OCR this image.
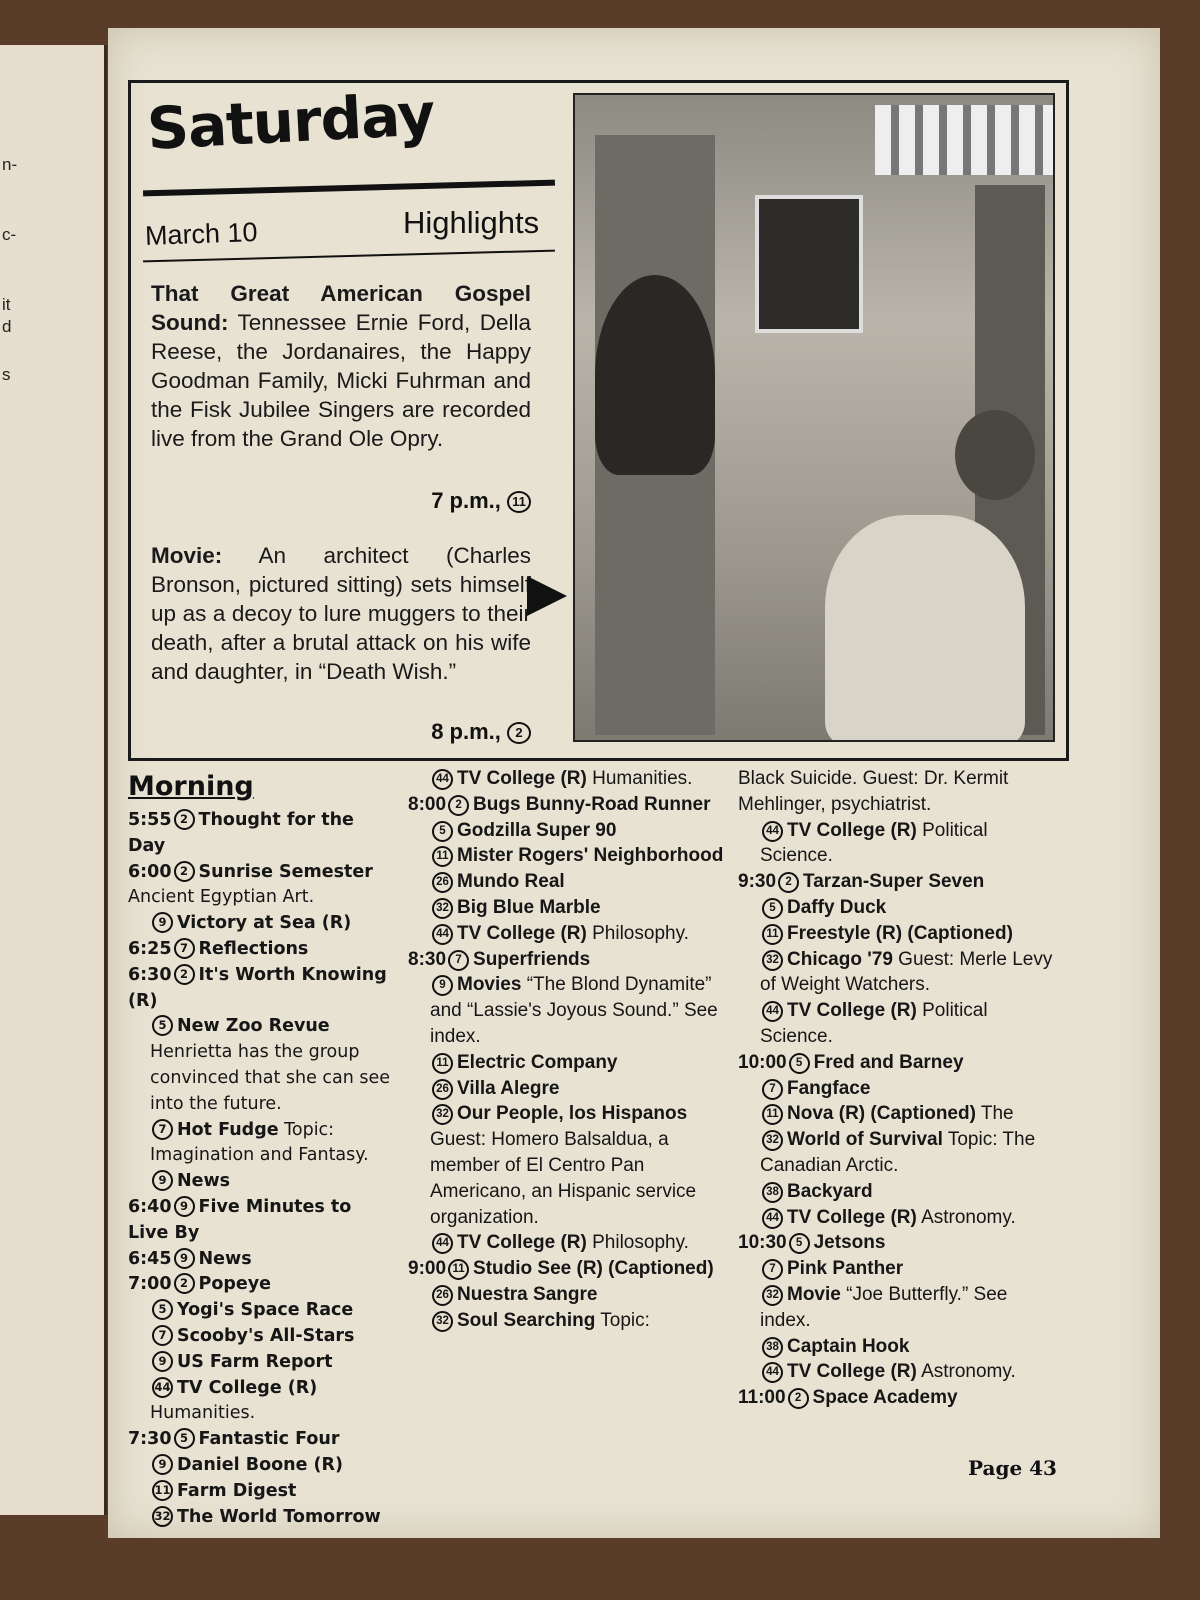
n-
c-
it
d
s
Saturday
March 10	Highlights
That Great American Gospel Sound: Tennessee Ernie Ford, Della Reese, the Jordanaires, the Happy Goodman Family, Micki Fuhrman and the Fisk Jubilee Singers are recorded live from the Grand Ole Opry.
7 p.m., 11
Movie: An architect (Charles Bronson, pictured sitting) sets himself up as a decoy to lure muggers to their death, after a brutal attack on his wife and daughter, in “Death Wish.”
8 p.m., 2
Morning

5:55 2 Thought for the Day

6:00 2 Sunrise Semester Ancient Egyptian Art.

9 Victory at Sea (R)

6:25 7 Reflections

6:30 2 It's Worth Knowing (R)

5 New Zoo Revue Henrietta has the group convinced that she can see into the future.

7 Hot Fudge Topic: Imagination and Fantasy.

9 News

6:40 9 Five Minutes to Live By

6:45 9 News

7:00 2 Popeye

5 Yogi's Space Race

7 Scooby's All-Stars

9 US Farm Report

44 TV College (R) Humanities.

7:30 5 Fantastic Four

9 Daniel Boone (R)

11 Farm Digest

32 The World Tomorrow

44 TV College (R) Humanities.

8:00 2 Bugs Bunny-Road Runner

5 Godzilla Super 90

11 Mister Rogers' Neighborhood

26 Mundo Real

32 Big Blue Marble

44 TV College (R) Philosophy.

8:30 7 Superfriends

9 Movies “The Blond Dynamite” and “Lassie's Joyous Sound.” See index.

11 Electric Company

26 Villa Alegre

32 Our People, los Hispanos Guest: Homero Balsaldua, a member of El Centro Pan Americano, an Hispanic service organization.

44 TV College (R) Philosophy.

9:00 11 Studio See (R) (Captioned)

26 Nuestra Sangre

32 Soul Searching Topic:

Black Suicide. Guest: Dr. Kermit Mehlinger, psychiatrist.

44 TV College (R) Political Science.

9:30 2 Tarzan-Super Seven

5 Daffy Duck

11 Freestyle (R) (Captioned)

32 Chicago '79 Guest: Merle Levy of Weight Watchers.

44 TV College (R) Political Science.

10:00 5 Fred and Barney

7 Fangface

11 Nova (R) (Captioned) The

32 World of Survival Topic: The Canadian Arctic.

38 Backyard

44 TV College (R) Astronomy.

10:30 5 Jetsons

7 Pink Panther

32 Movie “Joe Butterfly.” See index.

38 Captain Hook

44 TV College (R) Astronomy.

11:00 2 Space Academy

Page 43
